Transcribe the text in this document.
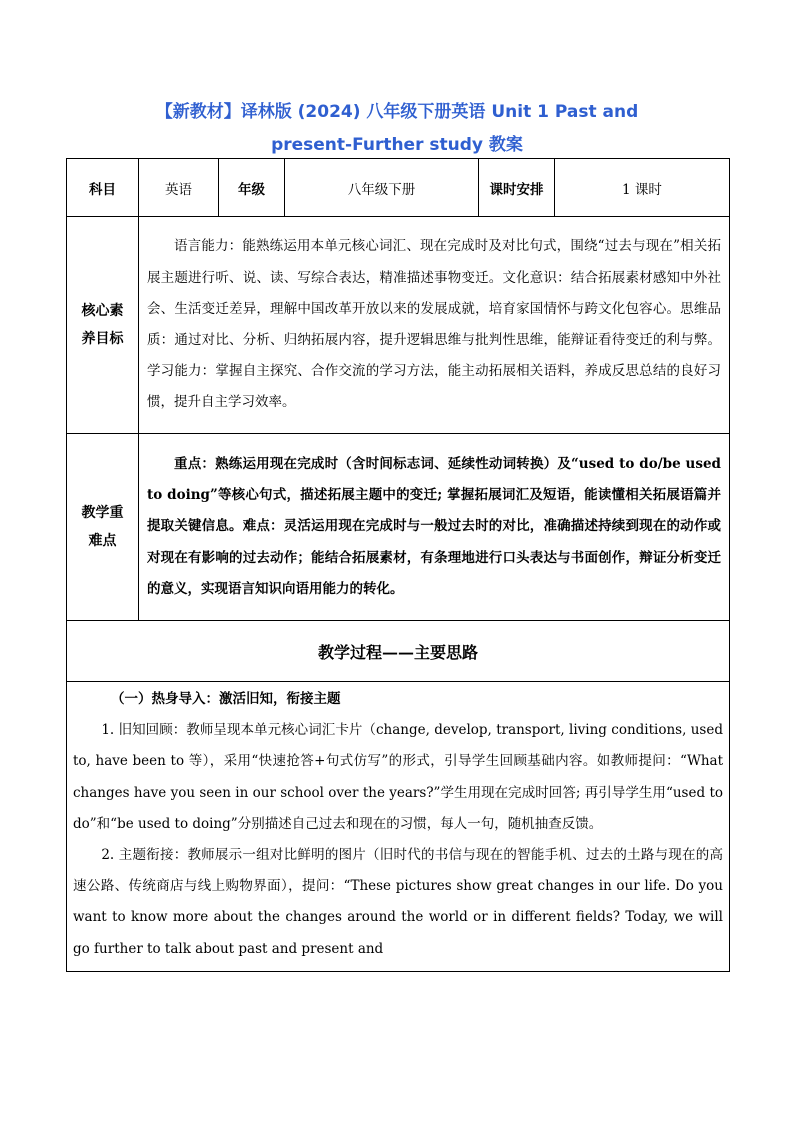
【新教材】译林版 (2024) 八年级下册英语 Unit 1 Past and
present-Further study 教案
科目	英语	年级	八年级下册	课时安排	1 课时

核心素养目标	语言能力：能熟练运用本单元核心词汇、现在完成时及对比句式，围绕“过去与现在”相关拓展主题进行听、说、读、写综合表达，精准描述事物变迁。文化意识：结合拓展素材感知中外社会、生活变迁差异，理解中国改革开放以来的发展成就，培育家国情怀与跨文化包容心。思维品质：通过对比、分析、归纳拓展内容，提升逻辑思维与批判性思维，能辩证看待变迁的利与弊。学习能力：掌握自主探究、合作交流的学习方法，能主动拓展相关语料，养成反思总结的良好习惯，提升自主学习效率。				

教学重难点	重点：熟练运用现在完成时（含时间标志词、延续性动词转换）及“used to do/be used to doing”等核心句式，描述拓展主题中的变迁; 掌握拓展词汇及短语，能读懂相关拓展语篇并提取关键信息。难点：灵活运用现在完成时与一般过去时的对比，准确描述持续到现在的动作或对现在有影响的过去动作；能结合拓展素材，有条理地进行口头表达与书面创作，辩证分析变迁的意义，实现语言知识向语用能力的转化。				

教学过程——主要思路					

（一）热身导入：激活旧知，衔接主题

1. 旧知回顾：教师呈现本单元核心词汇卡片（change, develop, transport, living conditions, used to, have been to 等），采用“快速抢答+句式仿写”的形式，引导学生回顾基础内容。如教师提问：“What changes have you seen in our school over the years?”学生用现在完成时回答; 再引导学生用“used to do”和“be used to doing”分别描述自己过去和现在的习惯，每人一句，随机抽查反馈。

2. 主题衔接：教师展示一组对比鲜明的图片（旧时代的书信与现在的智能手机、过去的土路与现在的高速公路、传统商店与线上购物界面），提问：“These pictures show great changes in our life. Do you want to know more about the changes around the world or in different fields? Today, we will go further to talk about past and present and					
